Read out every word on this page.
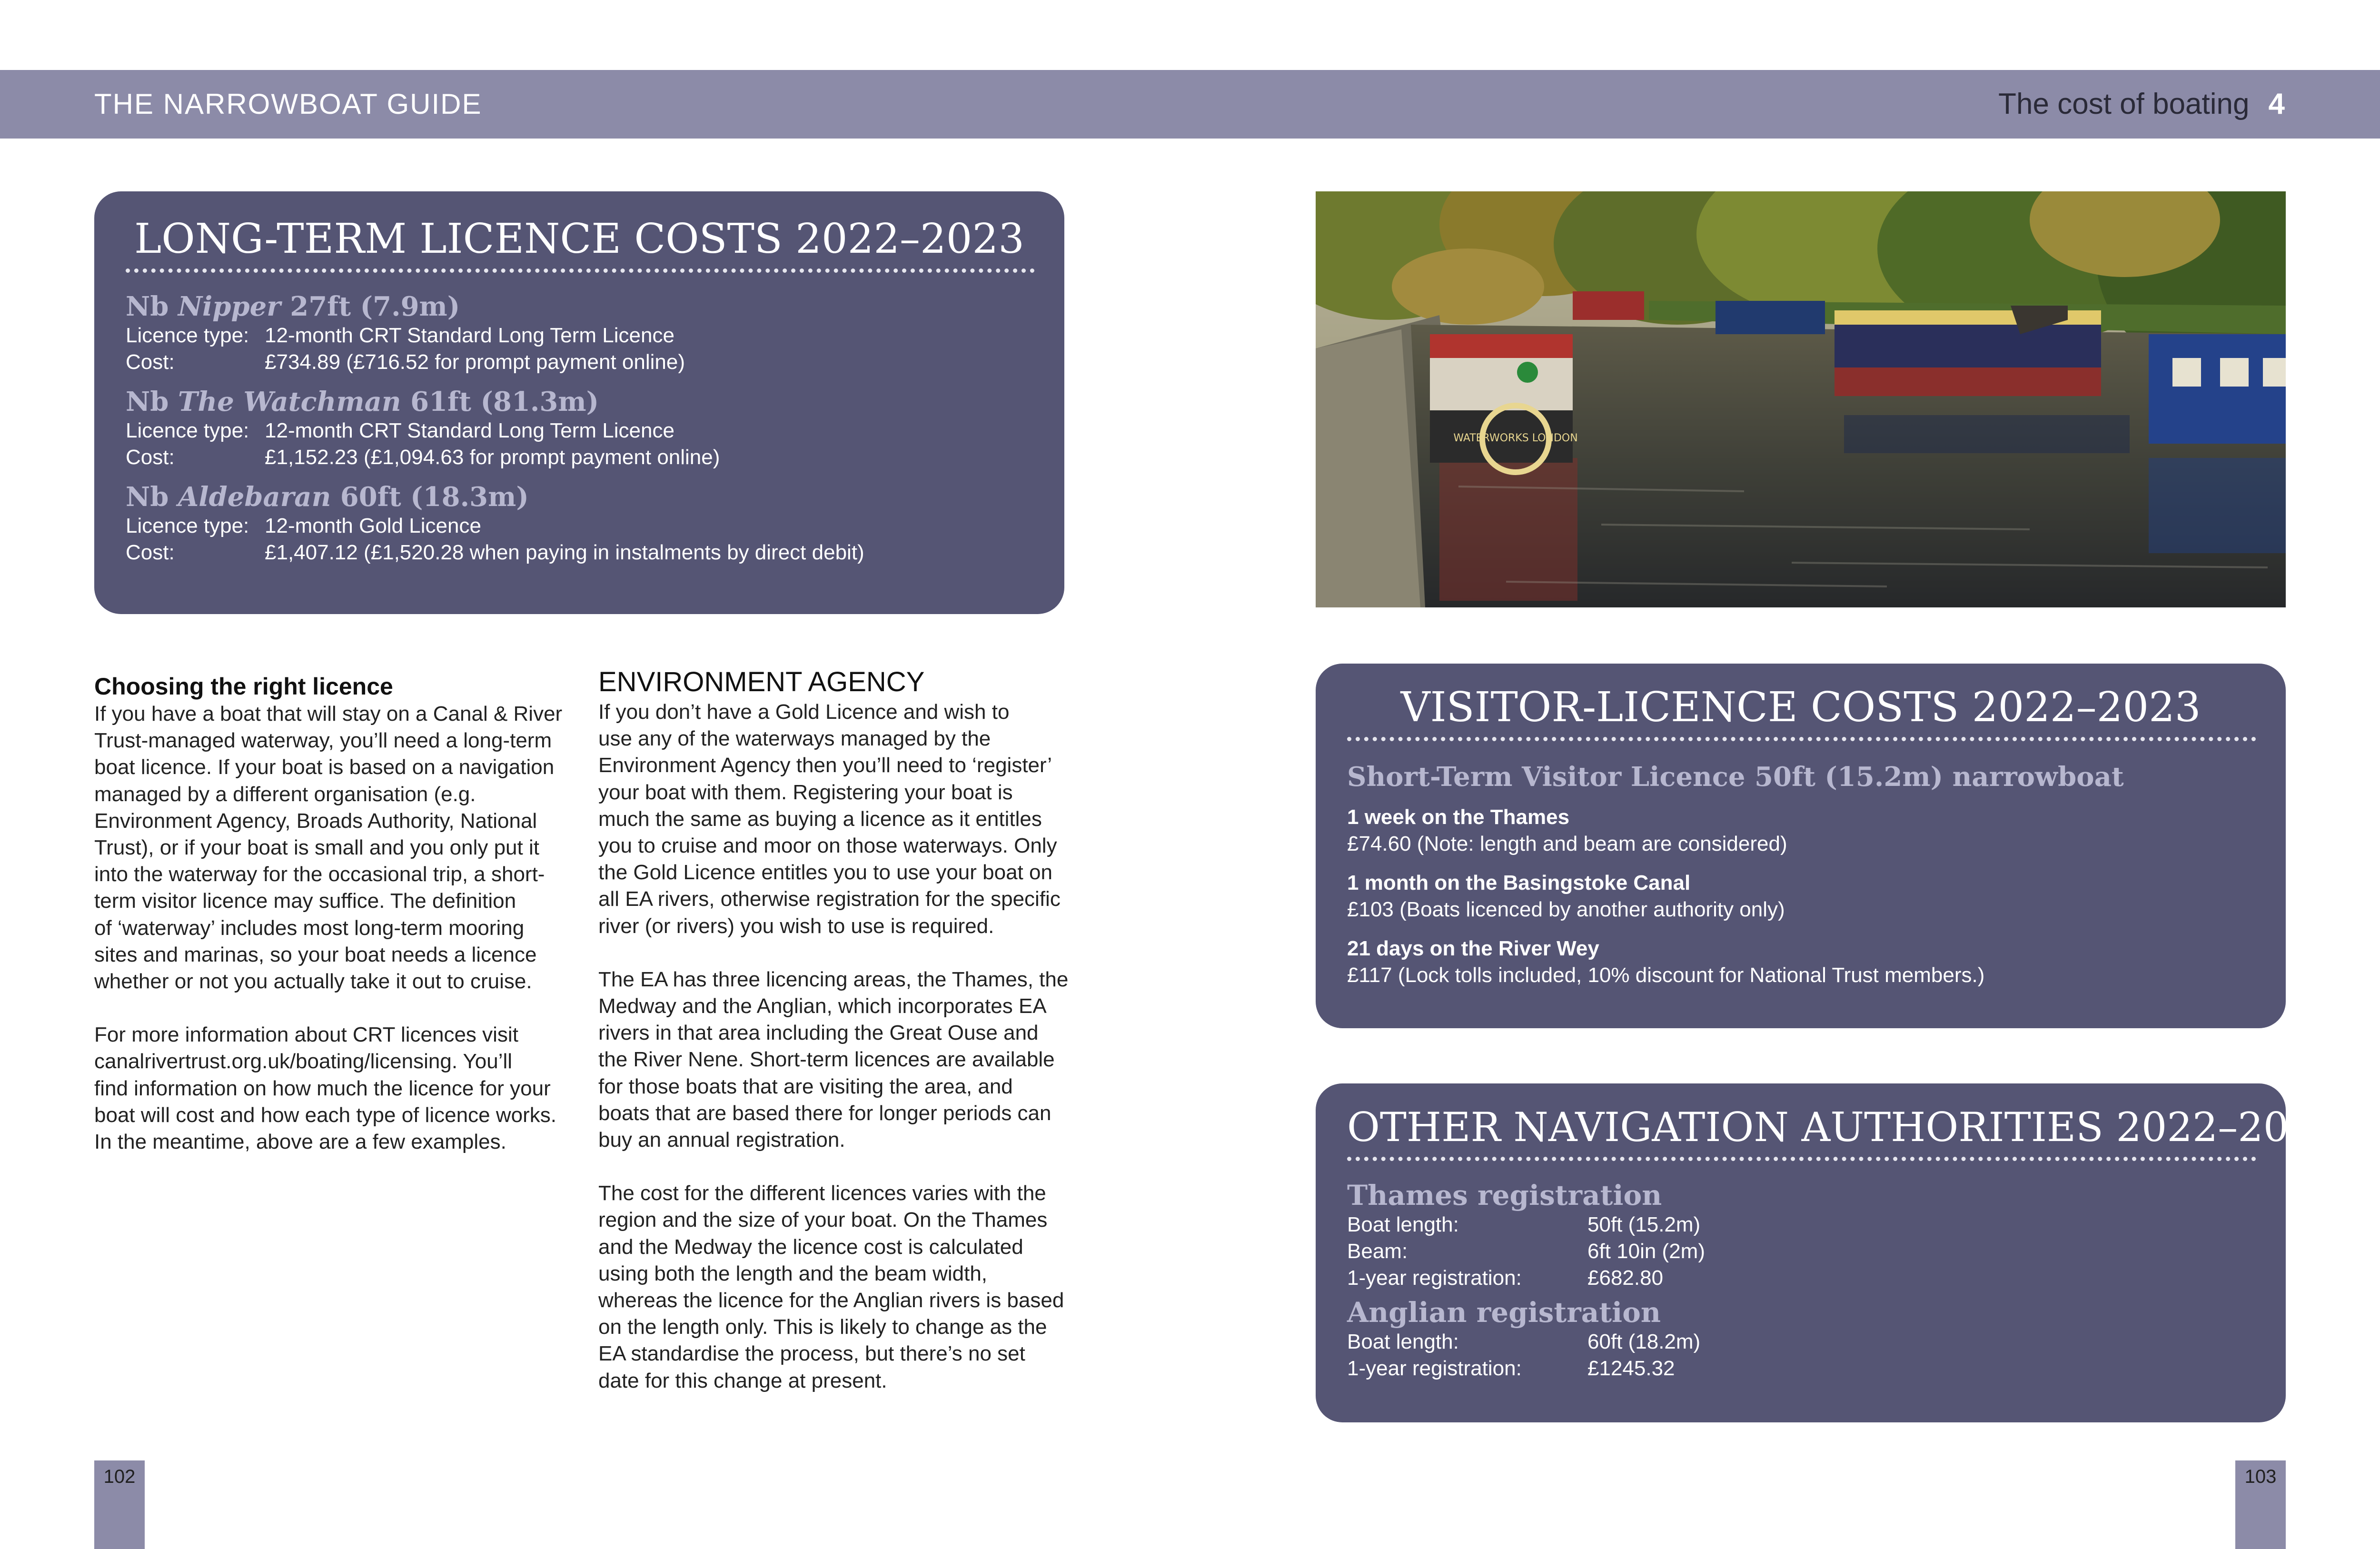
THE NARROWBOAT GUIDE	The cost of boating 4
LONG-TERM LICENCE COSTS 2022–2023
Nb Nipper 27ft (7.9m)
Licence type: 12-month CRT Standard Long Term Licence
Cost:	£734.89 (£716.52 for prompt payment online)
Nb The Watchman 61ft (81.3m)
Licence type: 12-month CRT Standard Long Term Licence
Cost:	£1,152.23 (£1,094.63 for prompt payment online)
Nb Aldebaran 60ft (18.3m)
Licence type: 12-month Gold Licence
Cost:	£1,407.12 (£1,520.28 when paying in instalments by direct debit)
Choosing the right licence

If you have a boat that will stay on a Canal & River
Trust-managed waterway, you’ll need a long-term
boat licence. If your boat is based on a navigation
managed by a different organisation (e.g.
Environment Agency, Broads Authority, National
Trust), or if your boat is small and you only put it
into the waterway for the occasional trip, a short-
term visitor licence may suffice. The definition
of ‘waterway’ includes most long-term mooring
sites and marinas, so your boat needs a licence
whether or not you actually take it out to cruise.

For more information about CRT licences visit
canalrivertrust.org.uk/boating/licensing. You’ll
find information on how much the licence for your
boat will cost and how each type of licence works.
In the meantime, above are a few examples.

ENVIRONMENT AGENCY

If you don’t have a Gold Licence and wish to
use any of the waterways managed by the
Environment Agency then you’ll need to ‘register’
your boat with them. Registering your boat is
much the same as buying a licence as it entitles
you to cruise and moor on those waterways. Only
the Gold Licence entitles you to use your boat on
all EA rivers, otherwise registration for the specific
river (or rivers) you wish to use is required.

The EA has three licencing areas, the Thames, the
Medway and the Anglian, which incorporates EA
rivers in that area including the Great Ouse and
the River Nene. Short-term licences are available
for those boats that are visiting the area, and
boats that are based there for longer periods can
buy an annual registration.

The cost for the different licences varies with the
region and the size of your boat. On the Thames
and the Medway the licence cost is calculated
using both the length and the beam width,
whereas the licence for the Anglian rivers is based
on the length only. This is likely to change as the
EA standardise the process, but there’s no set
date for this change at present.

WATERWORKS LONDON
VISITOR-LICENCE COSTS 2022–2023
Short-Term Visitor Licence 50ft (15.2m) narrowboat
1 week on the Thames
£74.60 (Note: length and beam are considered)
1 month on the Basingstoke Canal
£103 (Boats licenced by another authority only)
21 days on the River Wey
£117 (Lock tolls included, 10% discount for National Trust members.)
OTHER NAVIGATION AUTHORITIES 2022–2023
Thames registration
Boat length:	50ft (15.2m)
Beam:	6ft 10in (2m)
1-year registration:	£682.80
Anglian registration
Boat length:	60ft (18.2m)
1-year registration:	£1245.32
102	103
